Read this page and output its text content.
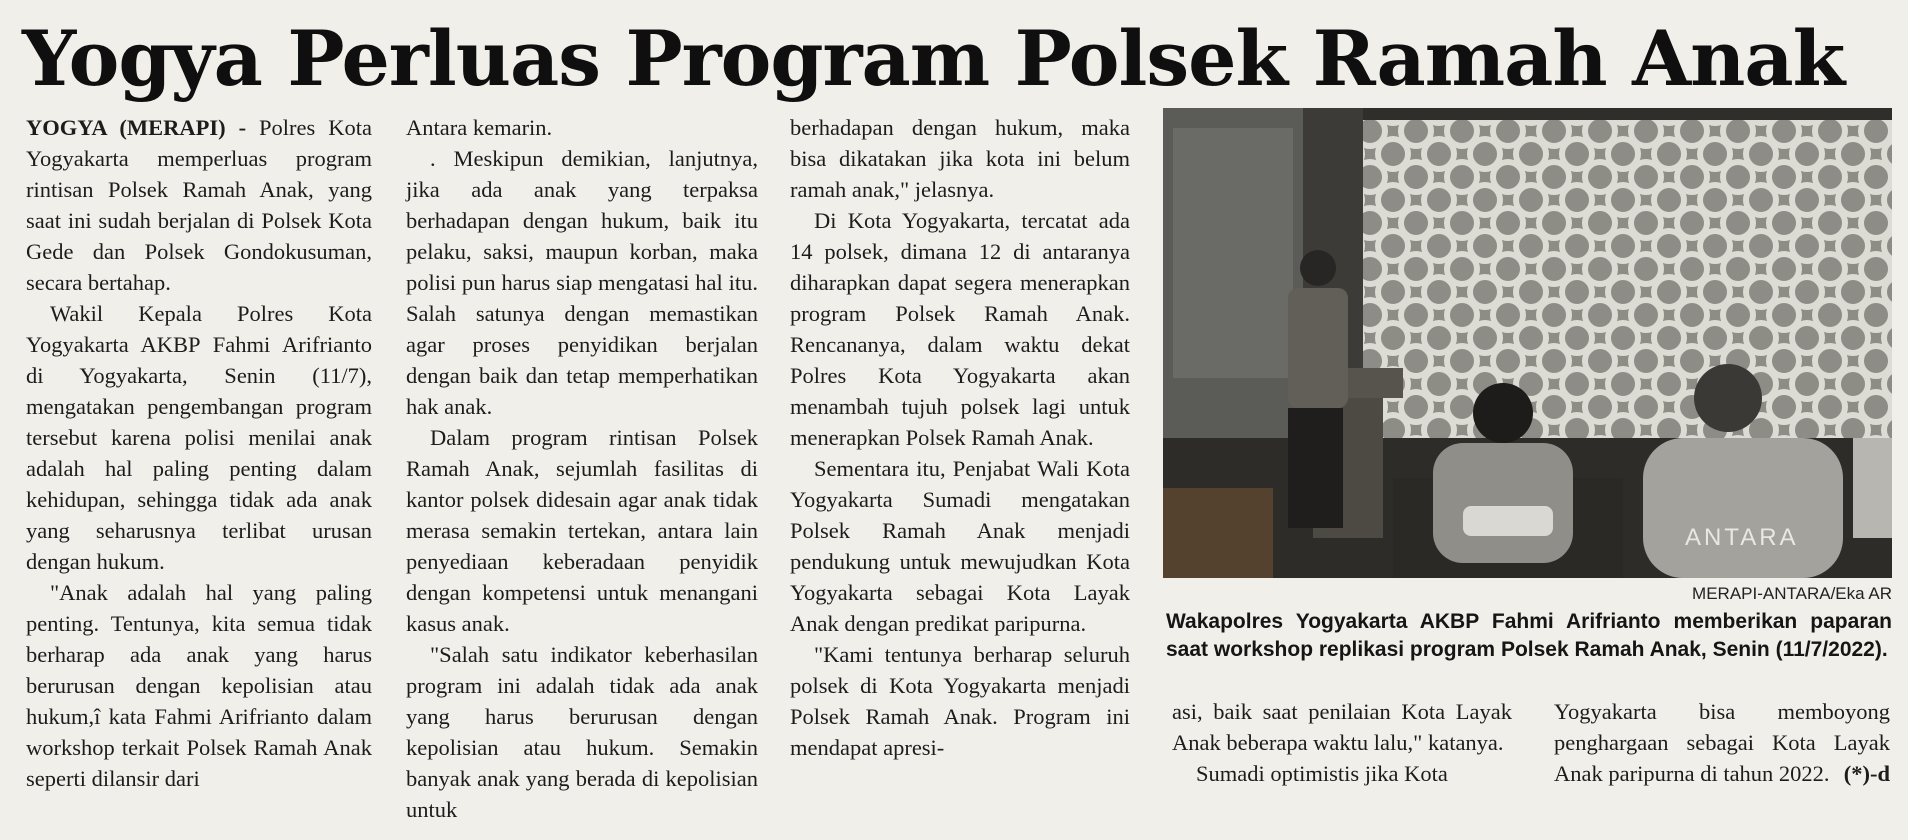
Yogya Perluas Program Polsek Ramah Anak

YOGYA (MERAPI) - Polres Kota Yogyakarta memperluas program rintisan Polsek Ramah Anak, yang saat ini sudah berjalan di Polsek Kota Gede dan Polsek Gondokusuman, secara bertahap.

Wakil Kepala Polres Kota Yogyakarta AKBP Fahmi Arifrianto di Yogyakarta, Senin (11/7), mengatakan pengembangan program tersebut karena polisi menilai anak adalah hal paling penting dalam kehidupan, sehingga tidak ada anak yang seharusnya terlibat urusan dengan hukum.

"Anak adalah hal yang paling penting. Tentunya, kita semua tidak berharap ada anak yang harus berurusan dengan kepolisian atau hukum,î kata Fahmi Arifrianto dalam workshop terkait Polsek Ramah Anak seperti dilansir dari

Antara kemarin.

. Meskipun demikian, lanjutnya, jika ada anak yang terpaksa berhadapan dengan hukum, baik itu pelaku, saksi, maupun korban, maka polisi pun harus siap mengatasi hal itu. Salah satunya dengan memastikan agar proses penyidikan berjalan dengan baik dan tetap memperhatikan hak anak.

Dalam program rintisan Polsek Ramah Anak, sejumlah fasilitas di kantor polsek didesain agar anak tidak merasa semakin tertekan, antara lain penyediaan keberadaan penyidik dengan kompetensi untuk menangani kasus anak.

"Salah satu indikator keberhasilan program ini adalah tidak ada anak yang harus berurusan dengan kepolisian atau hukum. Semakin banyak anak yang berada di kepolisian untuk

berhadapan dengan hukum, maka bisa dikatakan jika kota ini belum ramah anak," jelasnya.

Di Kota Yogyakarta, tercatat ada 14 polsek, dimana 12 di antaranya diharapkan dapat segera menerapkan program Polsek Ramah Anak. Rencananya, dalam waktu dekat Polres Kota Yogyakarta akan menambah tujuh polsek lagi untuk menerapkan Polsek Ramah Anak.

Sementara itu, Penjabat Wali Kota Yogyakarta Sumadi mengatakan Polsek Ramah Anak menjadi pendukung untuk mewujudkan Kota Yogyakarta sebagai Kota Layak Anak dengan predikat paripurna.

"Kami tentunya berharap seluruh polsek di Kota Yogyakarta menjadi Polsek Ramah Anak. Program ini mendapat apresi-

ANTARA
MERAPI-ANTARA/Eka AR
Wakapolres Yogyakarta AKBP Fahmi Arifrianto memberikan paparan saat workshop replikasi program Polsek Ramah Anak, Senin (11/7/2022).

asi, baik saat penilaian Kota Layak Anak beberapa waktu lalu," katanya.

Sumadi optimistis jika Kota

Yogyakarta bisa memboyong penghargaan sebagai Kota Layak Anak paripurna di tahun 2022. (*)-d
